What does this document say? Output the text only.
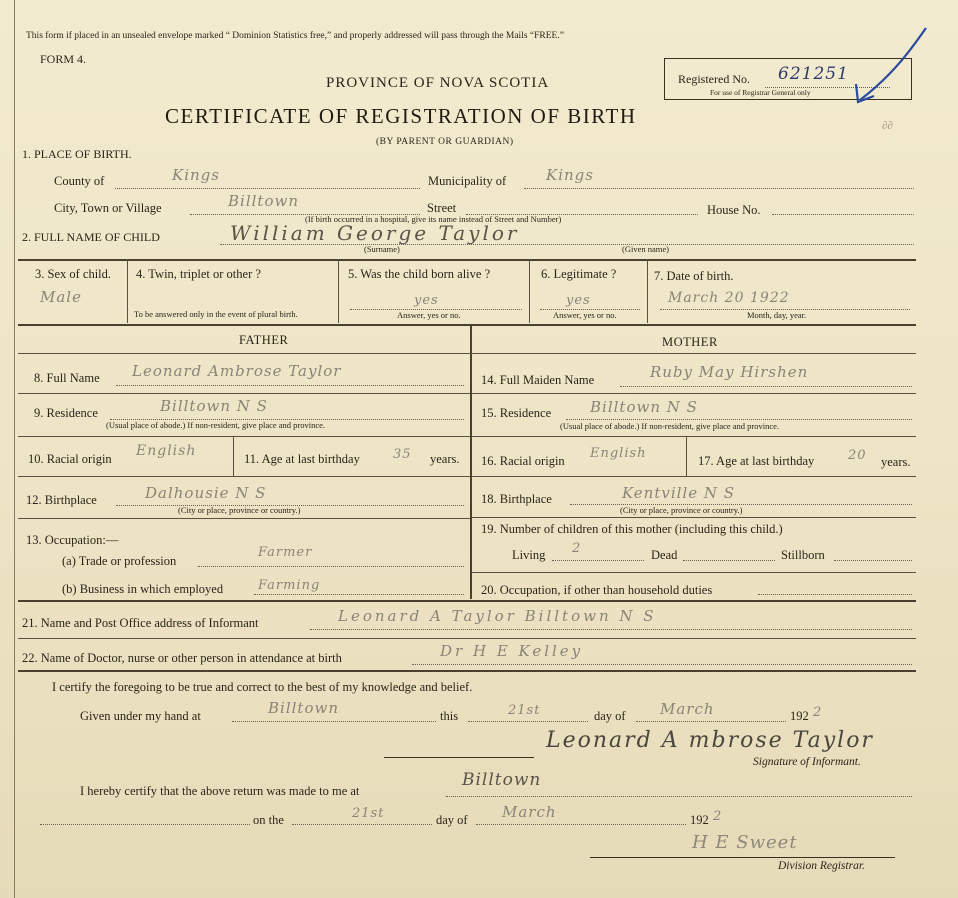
This form if placed in an unsealed envelope marked “ Dominion Statistics free,” and properly addressed will pass through the Mails “FREE.”
FORM 4.
PROVINCE OF NOVA SCOTIA
CERTIFICATE OF REGISTRATION OF BIRTH
(BY PARENT OR GUARDIAN)
Registered No. 621251
For use of Registrar General only
∂∂
1. PLACE OF BIRTH.
County of	Kings	Municipality of	Kings
City, Town or Village	Billtown	Street	House No.
(If birth occurred in a hospital, give its name instead of Street and Number)
2. FULL NAME OF CHILD	William George Taylor
(Surname)	(Given name)
3. Sex of child.
Male
4. Twin, triplet or other ?
To be answered only in the event of plural birth.
5. Was the child born alive ?
yes
Answer, yes or no.
6. Legitimate ?
yes
Answer, yes or no.
7. Date of birth.
March 20 1922
Month, day, year.
FATHER	MOTHER
8. Full Name Leonard Ambrose Taylor
9. Residence	Billtown N S
(Usual place of abode.) If non-resident, give place and province.
10. Racial origin English	11. Age at last birthday	35 years.
12. Birthplace	Dalhousie N S
(City or place, province or country.)
13. Occupation:—
(a) Trade or profession
Farmer
(b) Business in which employed	Farming
14. Full Maiden Name	Ruby May Hirshen
15. Residence	Billtown N S
(Usual place of abode.) If non-resident, give place and province.
16. Racial origin English	17. Age at last birthday	20 years.
18. Birthplace	Kentville N S
(City or place, province or country.)
19. Number of children of this mother (including this child.)
Living 2	Dead	Stillborn
20. Occupation, if other than household duties
21. Name and Post Office address of Informant	Leonard A Taylor Billtown N S
22. Name of Doctor, nurse or other person in attendance at birth	Dr H E Kelley
I certify the foregoing to be true and correct to the best of my knowledge and belief.
Given under my hand at	Billtown	this	21st	day of March	192 2
Leonard A mbrose Taylor
Signature of Informant.
I hereby certify that the above return was made to me at
Billtown
on the	21st	day of March	192 2
H E Sweet
Division Registrar.
